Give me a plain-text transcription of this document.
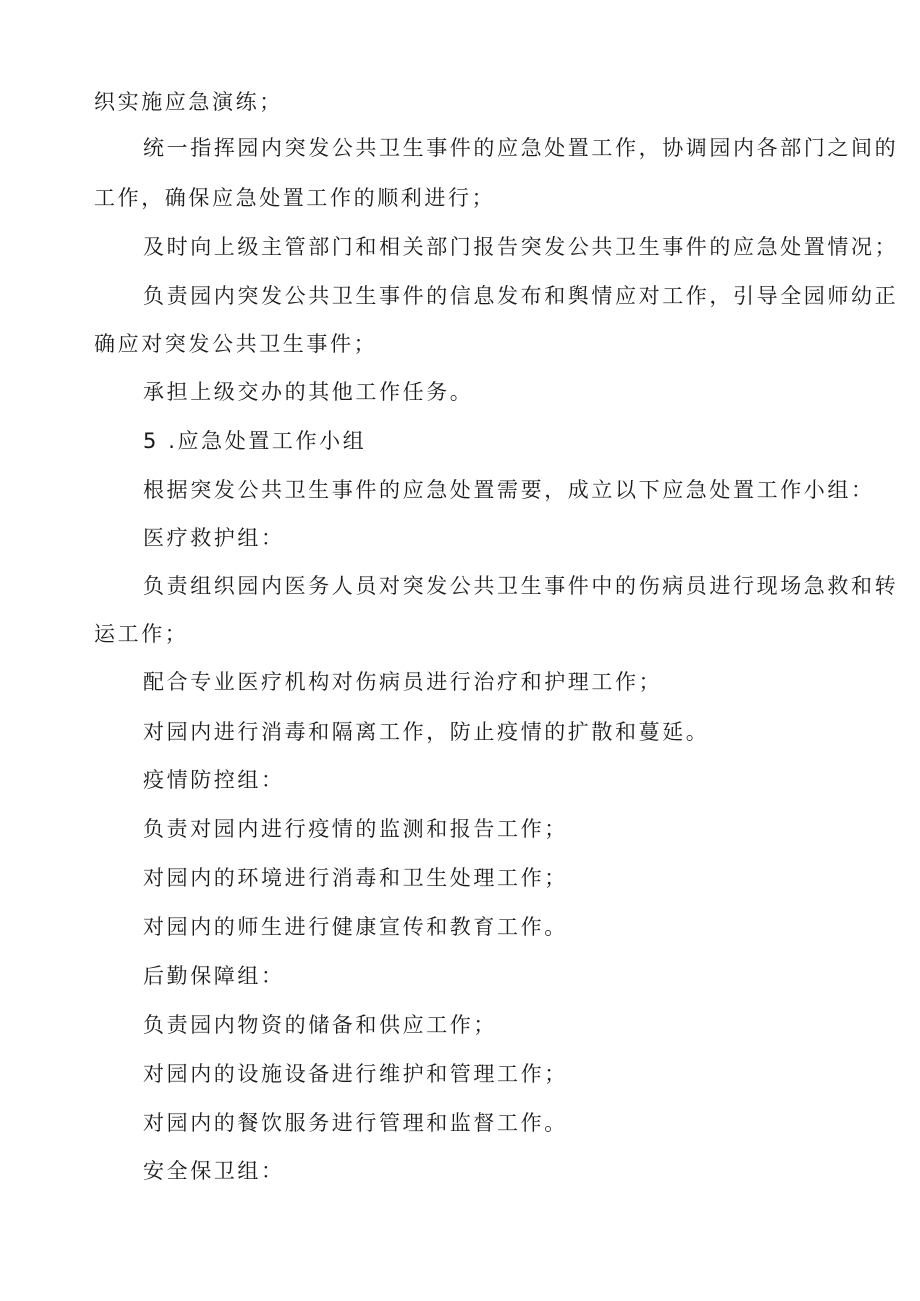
织实施应急演练；
统一指挥园内突发公共卫生事件的应急处置工作，协调园内各部门之间的
工作，确保应急处置工作的顺利进行；
及时向上级主管部门和相关部门报告突发公共卫生事件的应急处置情况；
负责园内突发公共卫生事件的信息发布和舆情应对工作，引导全园师幼正
确应对突发公共卫生事件；
承担上级交办的其他工作任务。
5 .应急处置工作小组
根据突发公共卫生事件的应急处置需要，成立以下应急处置工作小组：
医疗救护组：
负责组织园内医务人员对突发公共卫生事件中的伤病员进行现场急救和转
运工作；
配合专业医疗机构对伤病员进行治疗和护理工作；
对园内进行消毒和隔离工作，防止疫情的扩散和蔓延。
疫情防控组：
负责对园内进行疫情的监测和报告工作；
对园内的环境进行消毒和卫生处理工作；
对园内的师生进行健康宣传和教育工作。
后勤保障组：
负责园内物资的储备和供应工作；
对园内的设施设备进行维护和管理工作；
对园内的餐饮服务进行管理和监督工作。
安全保卫组：
